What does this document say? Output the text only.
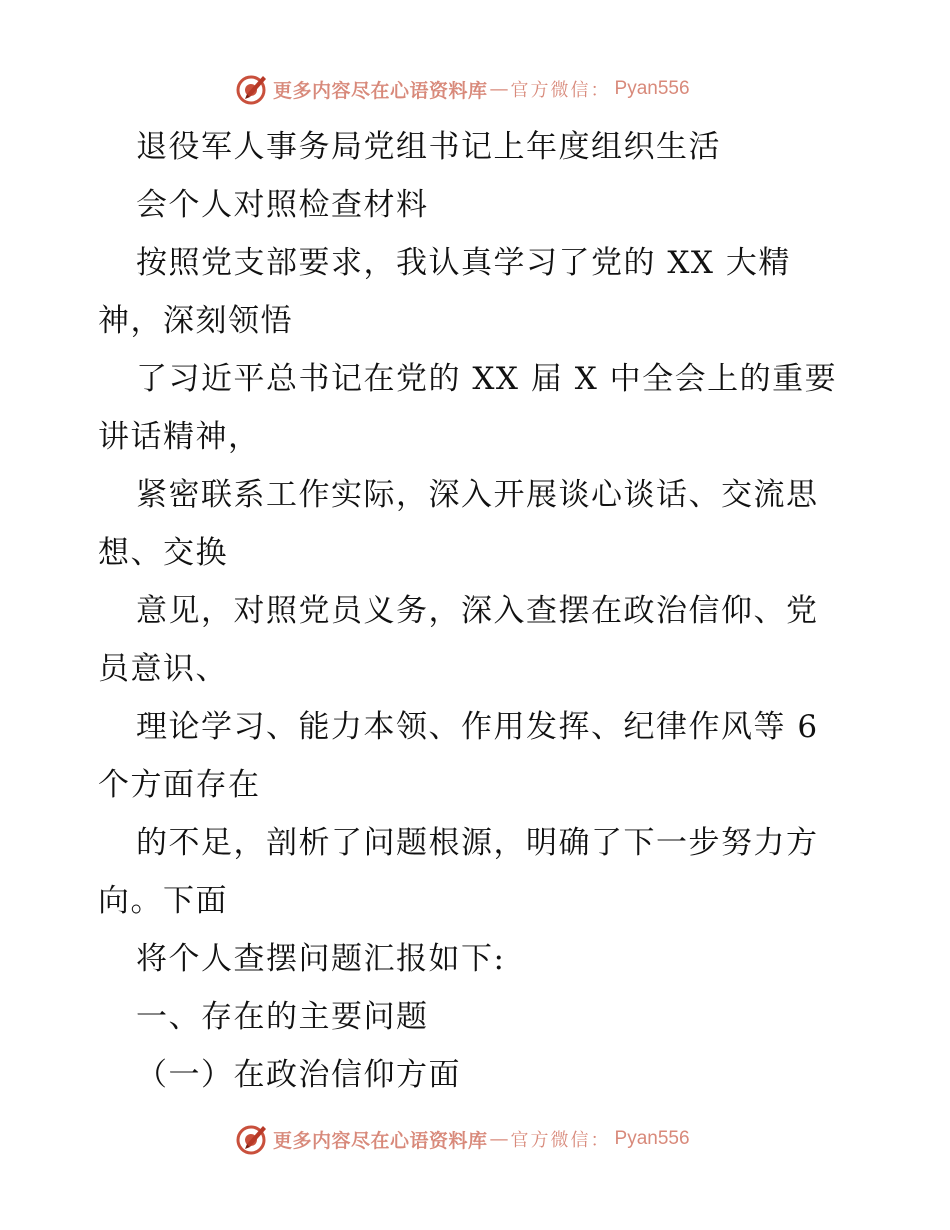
更多内容尽在心语资料库 — 官方微信： Pyan556
退役军人事务局党组书记上年度组织生活
会个人对照检查材料
按照党支部要求，我认真学习了党的 XX 大精
神，深刻领悟
了习近平总书记在党的 XX 届 X 中全会上的重要
讲话精神，
紧密联系工作实际，深入开展谈心谈话、交流思
想、交换
意见，对照党员义务，深入查摆在政治信仰、党
员意识、
理论学习、能力本领、作用发挥、纪律作风等 6
个方面存在
的不足，剖析了问题根源，明确了下一步努力方
向。下面
将个人查摆问题汇报如下:
一、存在的主要问题
（一）在政治信仰方面
更多内容尽在心语资料库 — 官方微信： Pyan556
